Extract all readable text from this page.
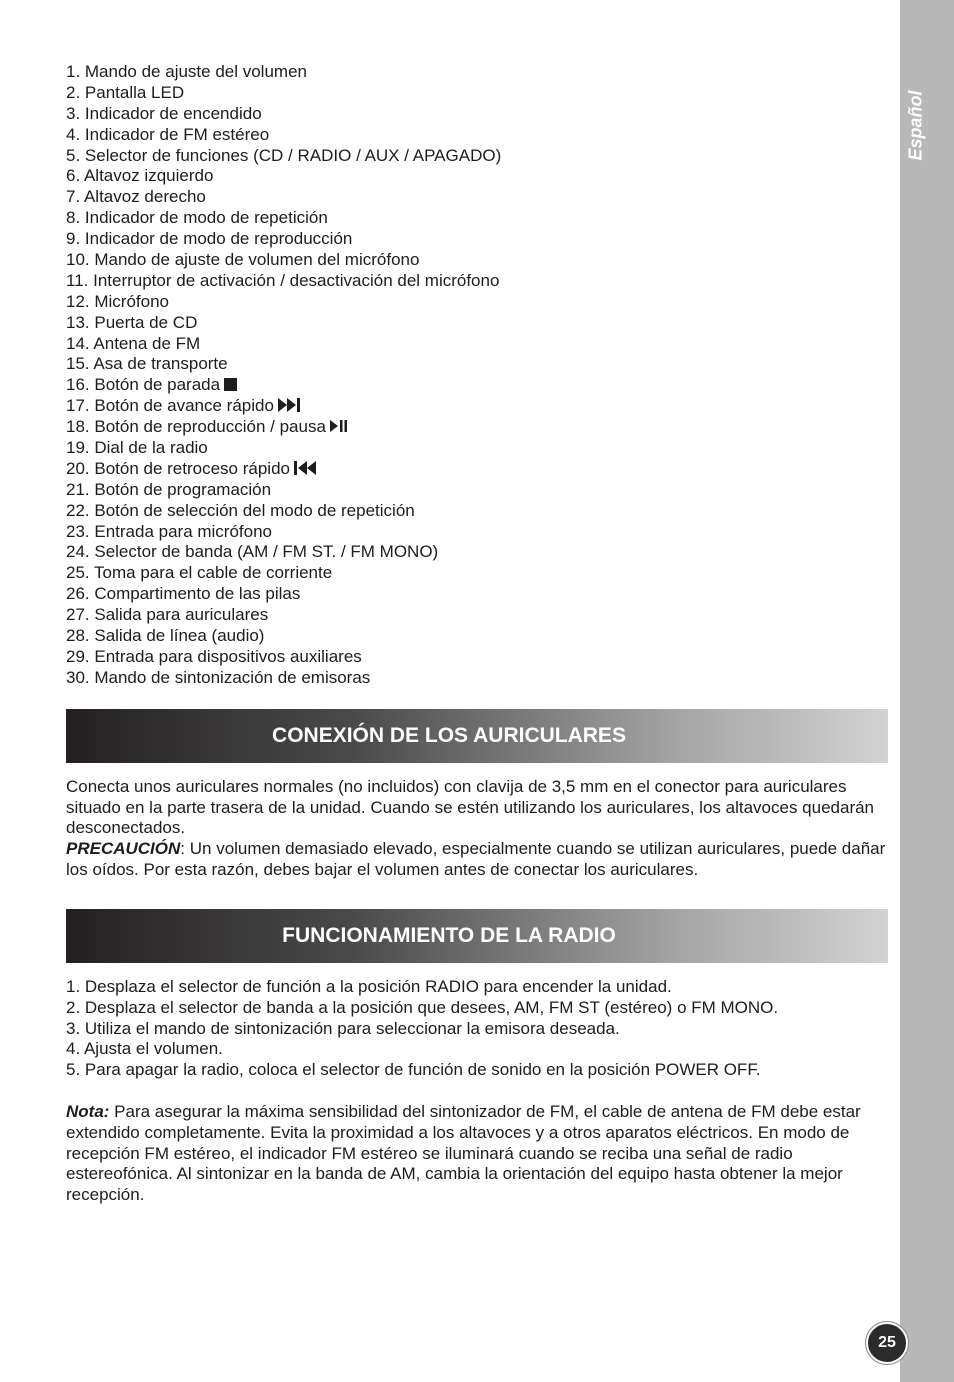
Español
1. Mando de ajuste del volumen
2. Pantalla LED
3. Indicador de encendido
4. Indicador de FM estéreo
5. Selector de funciones (CD / RADIO / AUX / APAGADO)
6. Altavoz izquierdo
7. Altavoz derecho
8. Indicador de modo de repetición
9. Indicador de modo de reproducción
10. Mando de ajuste de volumen del micrófono
11. Interruptor de activación / desactivación del micrófono
12. Micrófono
13. Puerta de CD
14. Antena de FM
15. Asa de transporte
16. Botón de parada
17. Botón de avance rápido
18. Botón de reproducción / pausa
19. Dial de la radio
20. Botón de retroceso rápido
21. Botón de programación
22. Botón de selección del modo de repetición
23. Entrada para micrófono
24. Selector de banda (AM / FM ST. / FM MONO)
25. Toma para el cable de corriente
26. Compartimento de las pilas
27. Salida para auriculares
28. Salida de línea (audio)
29. Entrada para dispositivos auxiliares
30. Mando de sintonización de emisoras
CONEXIÓN DE LOS AURICULARES

Conecta unos auriculares normales (no incluidos) con clavija de 3,5 mm en el conector para auriculares situado en la parte trasera de la unidad. Cuando se estén utilizando los auriculares, los altavoces quedarán desconectados.

PRECAUCIÓN: Un volumen demasiado elevado, especialmente cuando se utilizan auriculares, puede dañar los oídos. Por esta razón, debes bajar el volumen antes de conectar los auriculares.

FUNCIONAMIENTO DE LA RADIO
1. Desplaza el selector de función a la posición RADIO para encender la unidad.
2. Desplaza el selector de banda a la posición que desees, AM, FM ST (estéreo) o FM MONO.
3. Utiliza el mando de sintonización para seleccionar la emisora deseada.
4. Ajusta el volumen.
5. Para apagar la radio, coloca el selector de función de sonido en la posición POWER OFF.

Nota: Para asegurar la máxima sensibilidad del sintonizador de FM, el cable de antena de FM debe estar extendido completamente. Evita la proximidad a los altavoces y a otros aparatos eléctricos. En modo de recepción FM estéreo, el indicador FM estéreo se iluminará cuando se reciba una señal de radio estereofónica. Al sintonizar en la banda de AM, cambia la orientación del equipo hasta obtener la mejor recepción.

25
